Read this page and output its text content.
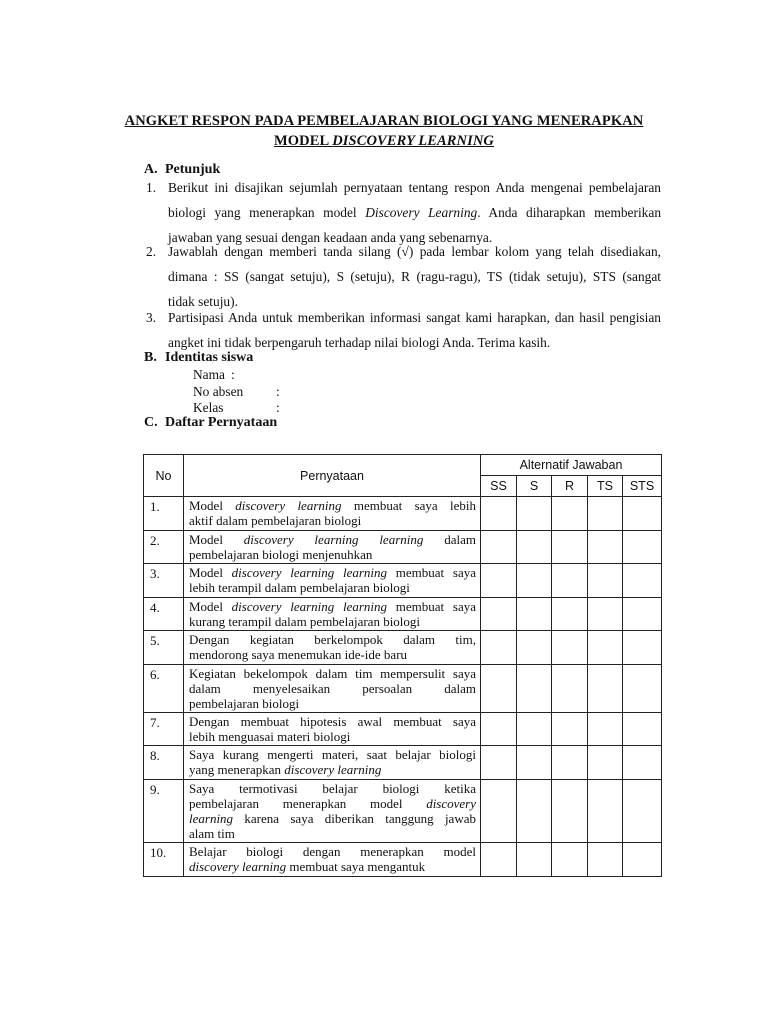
ANGKET RESPON PADA PEMBELAJARAN BIOLOGI YANG MENERAPKAN
MODEL DISCOVERY LEARNING
A. Petunjuk
1. Berikut ini disajikan sejumlah pernyataan tentang respon Anda mengenai pembelajaran
biologi yang menerapkan model Discovery Learning. Anda diharapkan memberikan
jawaban yang sesuai dengan keadaan anda yang sebenarnya.
2. Jawablah dengan memberi tanda silang (√) pada lembar kolom yang telah disediakan,
dimana : SS (sangat setuju), S (setuju), R (ragu-ragu), TS (tidak setuju), STS (sangat
tidak setuju).
3. Partisipasi Anda untuk memberikan informasi sangat kami harapkan, dan hasil pengisian
angket ini tidak berpengaruh terhadap nilai biologi Anda. Terima kasih.
B. Identitas siswa
Nama :
No absen :
Kelas	:
C. Daftar Pernyataan
No	Pernyataan	Alternatif Jawaban				
		SS	S	R	TS	STS
1.	Model discovery learning membuat saya lebih
aktif dalam pembelajaran biologi					

2.	Model discovery learning learning dalam
pembelajaran biologi menjenuhkan					

3.	Model discovery learning learning membuat saya
lebih terampil dalam pembelajaran biologi					

4.	Model discovery learning learning membuat saya
kurang terampil dalam pembelajaran biologi					

5.	Dengan kegiatan berkelompok dalam tim,
mendorong saya menemukan ide-ide baru					

6.	Kegiatan bekelompok dalam tim mempersulit saya
dalam menyelesaikan persoalan dalam
pembelajaran biologi					

7.	Dengan membuat hipotesis awal membuat saya
lebih menguasai materi biologi					

8.	Saya kurang mengerti materi, saat belajar biologi
yang menerapkan discovery learning					

9.	Saya termotivasi belajar biologi ketika
pembelajaran menerapkan model discovery
learning karena saya diberikan tanggung jawab
alam tim					

10.	Belajar biologi dengan menerapkan model
discovery learning membuat saya mengantuk					
